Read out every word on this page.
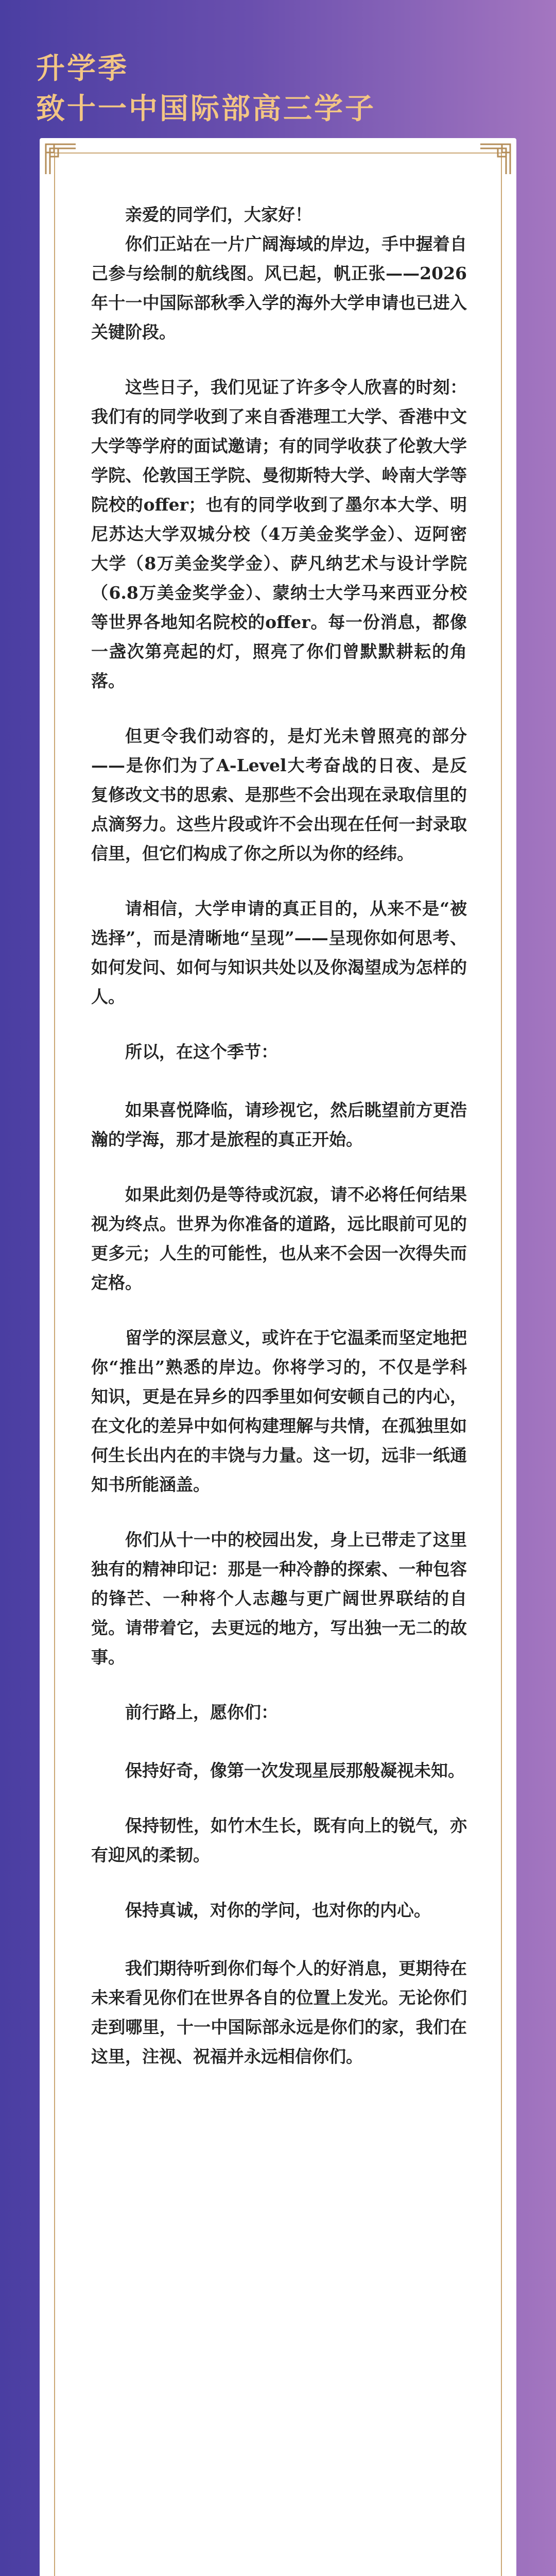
升学季
致十一中国际部高三学子

亲爱的同学们，大家好！

你们正站在一片广阔海域的岸边，手中握着自己参与绘制的航线图。风已起，帆正张——2026年十一中国际部秋季入学的海外大学申请也已进入关键阶段。

这些日子，我们见证了许多令人欣喜的时刻：我们有的同学收到了来自香港理工大学、香港中文大学等学府的面试邀请；有的同学收获了伦敦大学学院、伦敦国王学院、曼彻斯特大学、岭南大学等院校的offer；也有的同学收到了墨尔本大学、明尼苏达大学双城分校（4万美金奖学金）、迈阿密大学（8万美金奖学金）、萨凡纳艺术与设计学院（6.8万美金奖学金）、蒙纳士大学马来西亚分校等世界各地知名院校的offer。每一份消息，都像一盏次第亮起的灯，照亮了你们曾默默耕耘的角落。

但更令我们动容的，是灯光未曾照亮的部分——是你们为了A-Level大考奋战的日夜、是反复修改文书的思索、是那些不会出现在录取信里的点滴努力。这些片段或许不会出现在任何一封录取信里，但它们构成了你之所以为你的经纬。

请相信，大学申请的真正目的，从来不是“被选择”，而是清晰地“呈现”——呈现你如何思考、如何发问、如何与知识共处以及你渴望成为怎样的人。

所以，在这个季节：

如果喜悦降临，请珍视它，然后眺望前方更浩瀚的学海，那才是旅程的真正开始。

如果此刻仍是等待或沉寂，请不必将任何结果视为终点。世界为你准备的道路，远比眼前可见的更多元；人生的可能性，也从来不会因一次得失而定格。

留学的深层意义，或许在于它温柔而坚定地把你“推出”熟悉的岸边。你将学习的，不仅是学科知识，更是在异乡的四季里如何安顿自己的内心，在文化的差异中如何构建理解与共情，在孤独里如何生长出内在的丰饶与力量。这一切，远非一纸通知书所能涵盖。

你们从十一中的校园出发，身上已带走了这里独有的精神印记：那是一种冷静的探索、一种包容的锋芒、一种将个人志趣与更广阔世界联结的自觉。请带着它，去更远的地方，写出独一无二的故事。

前行路上，愿你们：

保持好奇，像第一次发现星辰那般凝视未知。

保持韧性，如竹木生长，既有向上的锐气，亦有迎风的柔韧。

保持真诚，对你的学问，也对你的内心。

我们期待听到你们每个人的好消息，更期待在未来看见你们在世界各自的位置上发光。无论你们走到哪里，十一中国际部永远是你们的家，我们在这里，注视、祝福并永远相信你们。
